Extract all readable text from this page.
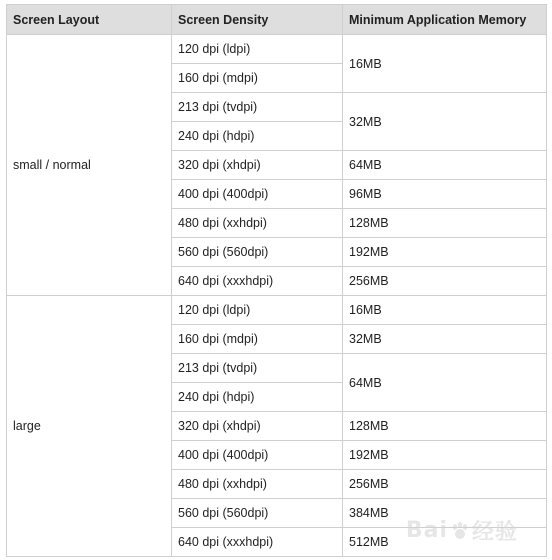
Screen Layout	Screen Density	Minimum Application Memory
small / normal	120 dpi (ldpi)	16MB
	160 dpi (mdpi)	
	213 dpi (tvdpi)	32MB
	240 dpi (hdpi)	
	320 dpi (xhdpi)	64MB
	400 dpi (400dpi)	96MB
	480 dpi (xxhdpi)	128MB
	560 dpi (560dpi)	192MB
	640 dpi (xxxhdpi)	256MB
large	120 dpi (ldpi)	16MB
	160 dpi (mdpi)	32MB
	213 dpi (tvdpi)	64MB
	240 dpi (hdpi)	
	320 dpi (xhdpi)	128MB
	400 dpi (400dpi)	192MB
	480 dpi (xxhdpi)	256MB
	560 dpi (560dpi)	384MB
	640 dpi (xxxhdpi)	512MB Bai 经验
